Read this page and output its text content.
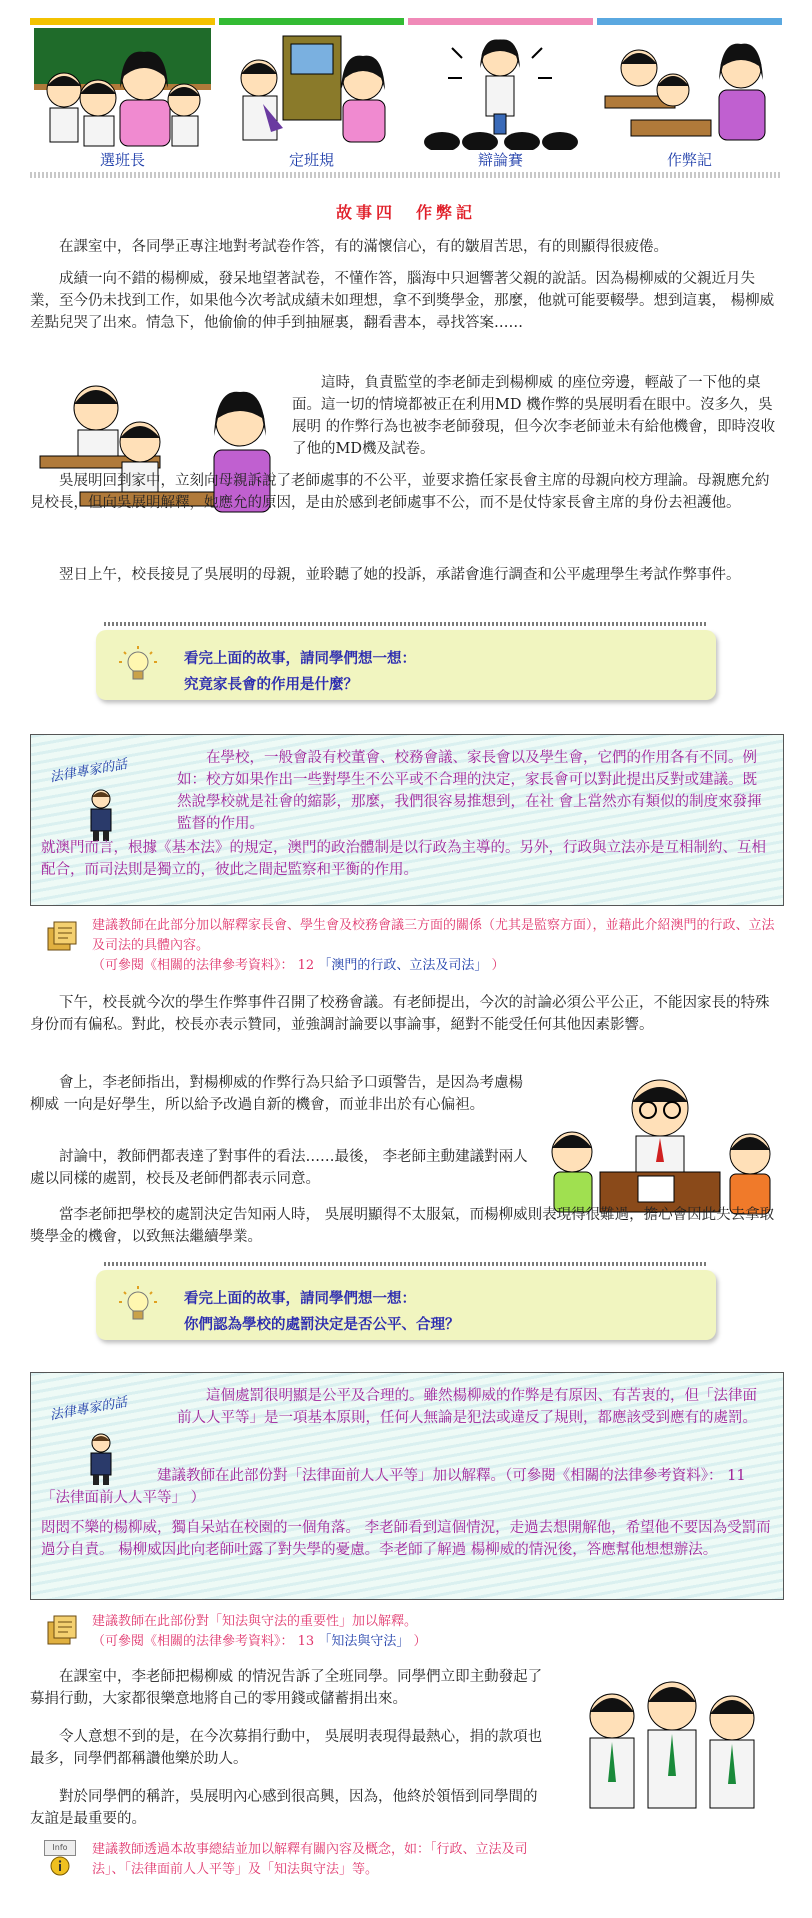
選班長	定班規	辯論賽	作弊記
故事四　作弊記

在課室中，各同學正專注地對考試卷作答，有的滿懷信心，有的皺眉苦思，有的則顯得很疲倦。

成績一向不錯的楊柳威，發呆地望著試卷，不懂作答，腦海中只迴響著父親的說話。因為楊柳威的父親近月失業，至今仍未找到工作，如果他今次考試成績未如理想，拿不到獎學金，那麼，他就可能要輟學。想到這裏， 楊柳威差點兒哭了出來。情急下，他偷偷的伸手到抽屜裏，翻看書本，尋找答案……

這時，負責監堂的李老師走到楊柳威 的座位旁邊，輕敲了一下他的桌面。這一切的情境都被正在利用MD 機作弊的吳展明看在眼中。沒多久，吳展明 的作弊行為也被李老師發現，但今次李老師並未有給他機會，即時沒收了他的MD機及試卷。

吳展明回到家中，立刻向母親訴說了老師處事的不公平，並要求擔任家長會主席的母親向校方理論。母親應允約見校長，但向吳展明解釋，她應允的原因，是由於感到老師處事不公，而不是仗恃家長會主席的身份去袒護他。

翌日上午，校長接見了吳展明的母親，並聆聽了她的投訴，承諾會進行調查和公平處理學生考試作弊事件。

看完上面的故事，請同學們想一想：
究竟家長會的作用是什麼？
法律專家的話	在學校，一般會設有校董會、校務會議、家長會以及學生會，它們的作用各有不同。例如：校方如果作出一些對學生不公平或不合理的決定，家長會可以對此提出反對或建議。既然說學校就是社會的縮影，那麼，我們很容易推想到，在社 會上當然亦有類似的制度來發揮監督的作用。
就澳門而言，根據《基本法》的規定，澳門的政治體制是以行政為主導的。另外，行政與立法亦是互相制約、互相配合，而司法則是獨立的，彼此之間起監察和平衡的作用。
建議教師在此部分加以解釋家長會、學生會及校務會議三方面的關係（尤其是監察方面），並藉此介紹澳門的行政、立法及司法的具體內容。
（可參閱《相關的法律參考資料》： 12 「澳門的行政、立法及司法」 ）

下午，校長就今次的學生作弊事件召開了校務會議。有老師提出，今次的討論必須公平公正，不能因家長的特殊身份而有偏私。對此，校長亦表示贊同，並強調討論要以事論事，絕對不能受任何其他因素影響。

會上，李老師指出，對楊柳威的作弊行為只給予口頭警告，是因為考慮楊柳威 一向是好學生，所以給予改過自新的機會，而並非出於有心偏袒。

討論中，教師們都表達了對事件的看法……最後， 李老師主動建議對兩人處以同樣的處罰，校長及老師們都表示同意。

當李老師把學校的處罰決定告知兩人時， 吳展明顯得不太服氣，而楊柳威則表現得很難過，擔心會因此失去拿取獎學金的機會，以致無法繼續學業。

看完上面的故事，請同學們想一想：
你們認為學校的處罰決定是否公平、合理？
法律專家的話	這個處罰很明顯是公平及合理的。雖然楊柳威的作弊是有原因、有苦衷的，但「法律面前人人平等」是一項基本原則，任何人無論是犯法或違反了規則，都應該受到應有的處罰。
建議教師在此部份對「法律面前人人平等」加以解釋。（可參閱《相關的法律參考資料》： 11 「法律面前人人平等」 ）
悶悶不樂的楊柳威，獨自呆站在校園的一個角落。 李老師看到這個情況，走過去想開解他，希望他不要因為受罰而過分自責。 楊柳威因此向老師吐露了對失學的憂慮。李老師了解過 楊柳威的情況後，答應幫他想想辦法。
建議教師在此部份對「知法與守法的重要性」加以解釋。
（可參閱《相關的法律參考資料》： 13 「知法與守法」 ）

在課室中，李老師把楊柳威 的情況告訴了全班同學。同學們立即主動發起了募捐行動，大家都很樂意地將自己的零用錢或儲蓄捐出來。

令人意想不到的是，在今次募捐行動中， 吳展明表現得最熱心，捐的款項也最多，同學們都稱讚他樂於助人。

對於同學們的稱許，吳展明內心感到很高興，因為，他終於領悟到同學間的友誼是最重要的。

Info	建議教師透過本故事總結並加以解釋有關內容及概念，如：「行政、立法及司法」、「法律面前人人平等」及「知法與守法」等。
